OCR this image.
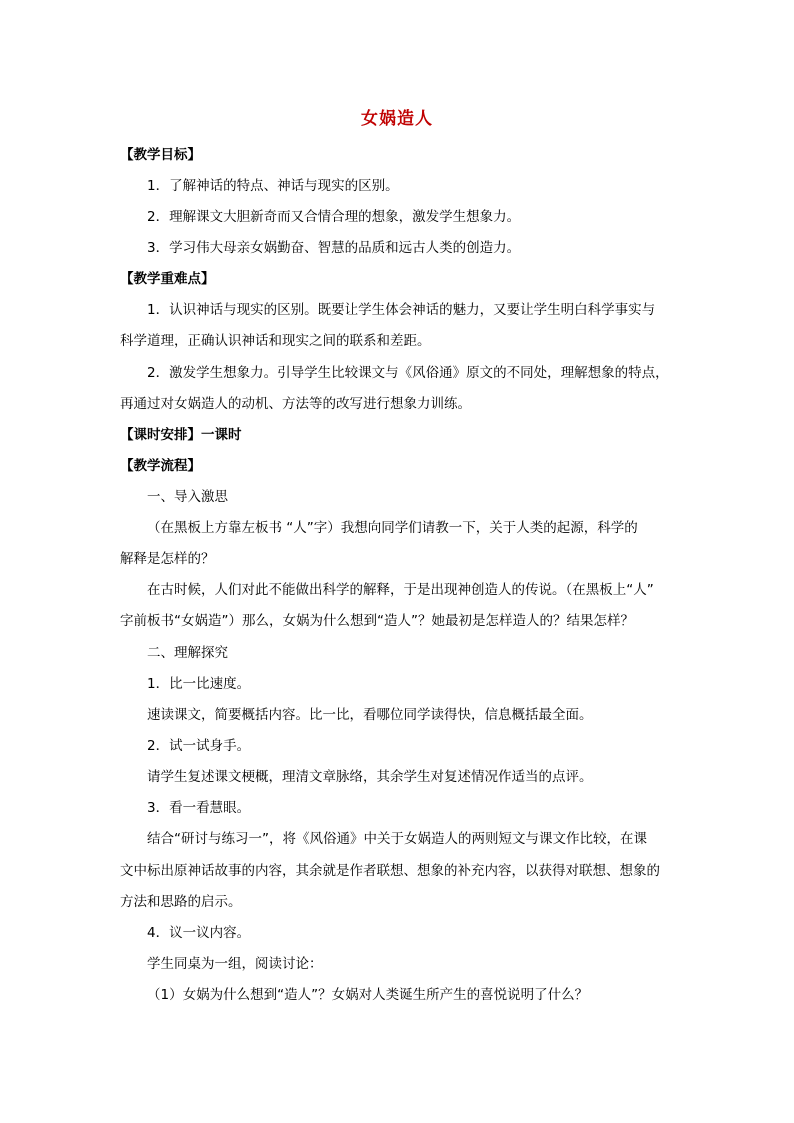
女娲造人
【教学目标】
1．了解神话的特点、神话与现实的区别。
2．理解课文大胆新奇而又合情合理的想象，激发学生想象力。
3．学习伟大母亲女娲勤奋、智慧的品质和远古人类的创造力。
【教学重难点】
1．认识神话与现实的区别。既要让学生体会神话的魅力，又要让学生明白科学事实与
科学道理，正确认识神话和现实之间的联系和差距。
2．激发学生想象力。引导学生比较课文与《风俗通》原文的不同处，理解想象的特点，
再通过对女娲造人的动机、方法等的改写进行想象力训练。
【课时安排】一课时
【教学流程】
一、导入激思
（在黑板上方靠左板书 “人”字）我想向同学们请教一下，关于人类的起源，科学的
解释是怎样的？
在古时候，人们对此不能做出科学的解释，于是出现神创造人的传说。（在黑板上“人”
字前板书“女娲造”）那么，女娲为什么想到“造人”？她最初是怎样造人的？结果怎样？
二、理解探究
1．比一比速度。
速读课文，简要概括内容。比一比，看哪位同学读得快，信息概括最全面。
2．试一试身手。
请学生复述课文梗概，理清文章脉络，其余学生对复述情况作适当的点评。
3．看一看慧眼。
结合“研讨与练习一”，将《风俗通》中关于女娲造人的两则短文与课文作比较，在课
文中标出原神话故事的内容，其余就是作者联想、想象的补充内容，以获得对联想、想象的
方法和思路的启示。
4．议一议内容。
学生同桌为一组，阅读讨论：
（1）女娲为什么想到“造人”？女娲对人类诞生所产生的喜悦说明了什么？
